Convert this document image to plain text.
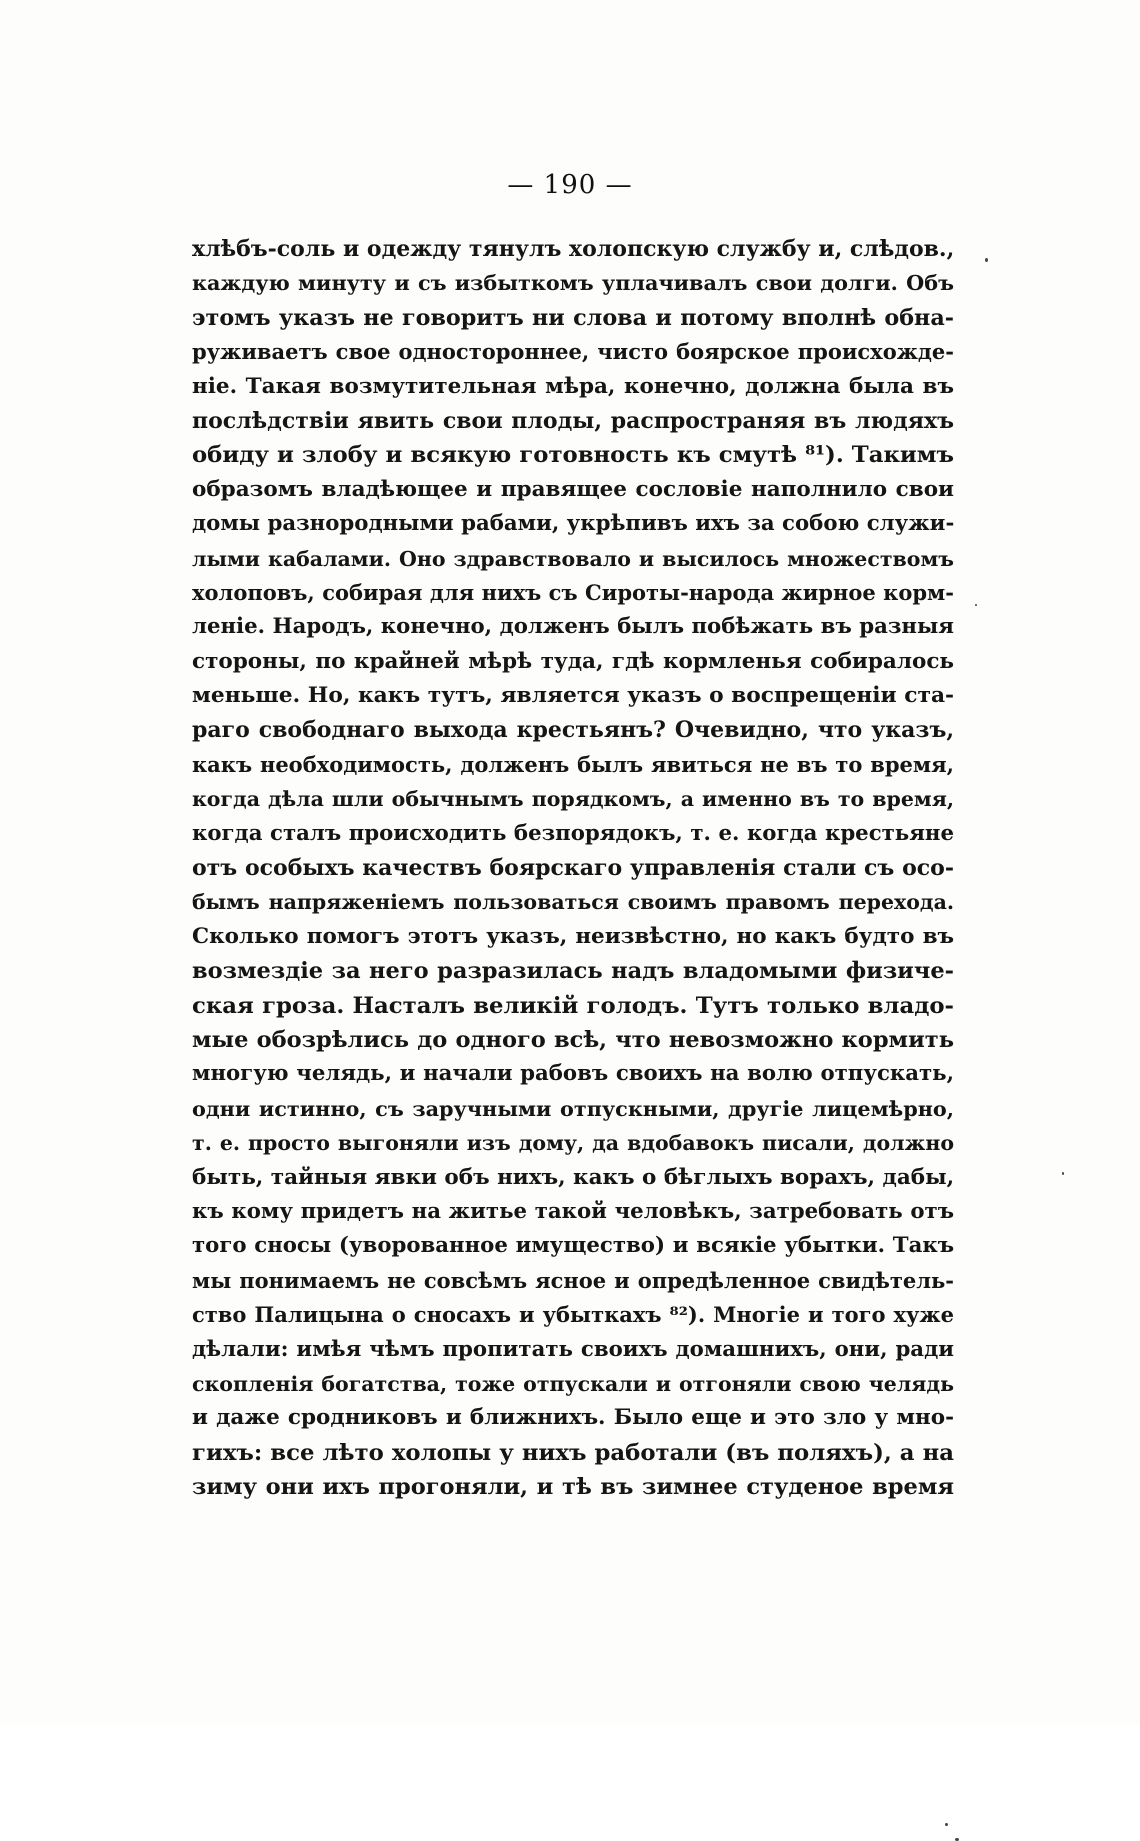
— 190 —
хлѣбъ-соль и одежду тянулъ холопскую службу и, слѣдов.,
каждую минуту и съ избыткомъ уплачивалъ свои долги. Объ
этомъ указъ не говоритъ ни слова и потому вполнѣ обна-
руживаетъ свое одностороннее, чисто боярское происхожде-
ніе. Такая возмутительная мѣра, конечно, должна была въ
послѣдствіи явить свои плоды, распространяя въ людяхъ
обиду и злобу и всякую готовность къ смутѣ ⁸¹). Такимъ
образомъ владѣющее и правящее сословіе наполнило свои
домы разнородными рабами, укрѣпивъ ихъ за собою служи-
лыми кабалами. Оно здравствовало и высилось множествомъ
холоповъ, собирая для нихъ съ Сироты-народа жирное корм-
леніе. Народъ, конечно, долженъ былъ побѣжать въ разныя
стороны, по крайней мѣрѣ туда, гдѣ кормленья собиралось
меньше. Но, какъ тутъ, является указъ о воспрещеніи ста-
раго свободнаго выхода крестьянъ? Очевидно, что указъ,
какъ необходимость, долженъ былъ явиться не въ то время,
когда дѣла шли обычнымъ порядкомъ, а именно въ то время,
когда сталъ происходить безпорядокъ, т. е. когда крестьяне
отъ особыхъ качествъ боярскаго управленія стали съ осо-
бымъ напряженіемъ пользоваться своимъ правомъ перехода.
Сколько помогъ этотъ указъ, неизвѣстно, но какъ будто въ
возмездіе за него разразилась надъ владомыми физиче-
ская гроза. Насталъ великій голодъ. Тутъ только владо-
мые обозрѣлись до одного всѣ, что невозможно кормить
многую челядь, и начали рабовъ своихъ на волю отпускать,
одни истинно, съ заручными отпускными, другіе лицемѣрно,
т. е. просто выгоняли изъ дому, да вдобавокъ писали, должно
быть, тайныя явки объ нихъ, какъ о бѣглыхъ ворахъ, дабы,
къ кому придетъ на житье такой человѣкъ, затребовать отъ
того сносы (уворованное имущество) и всякіе убытки. Такъ
мы понимаемъ не совсѣмъ ясное и опредѣленное свидѣтель-
ство Палицына о сносахъ и убыткахъ ⁸²). Многіе и того хуже
дѣлали: имѣя чѣмъ пропитать своихъ домашнихъ, они, ради
скопленія богатства, тоже отпускали и отгоняли свою челядь
и даже сродниковъ и ближнихъ. Было еще и это зло у мно-
гихъ: все лѣто холопы у нихъ работали (въ поляхъ), а на
зиму они ихъ прогоняли, и тѣ въ зимнее студеное время
